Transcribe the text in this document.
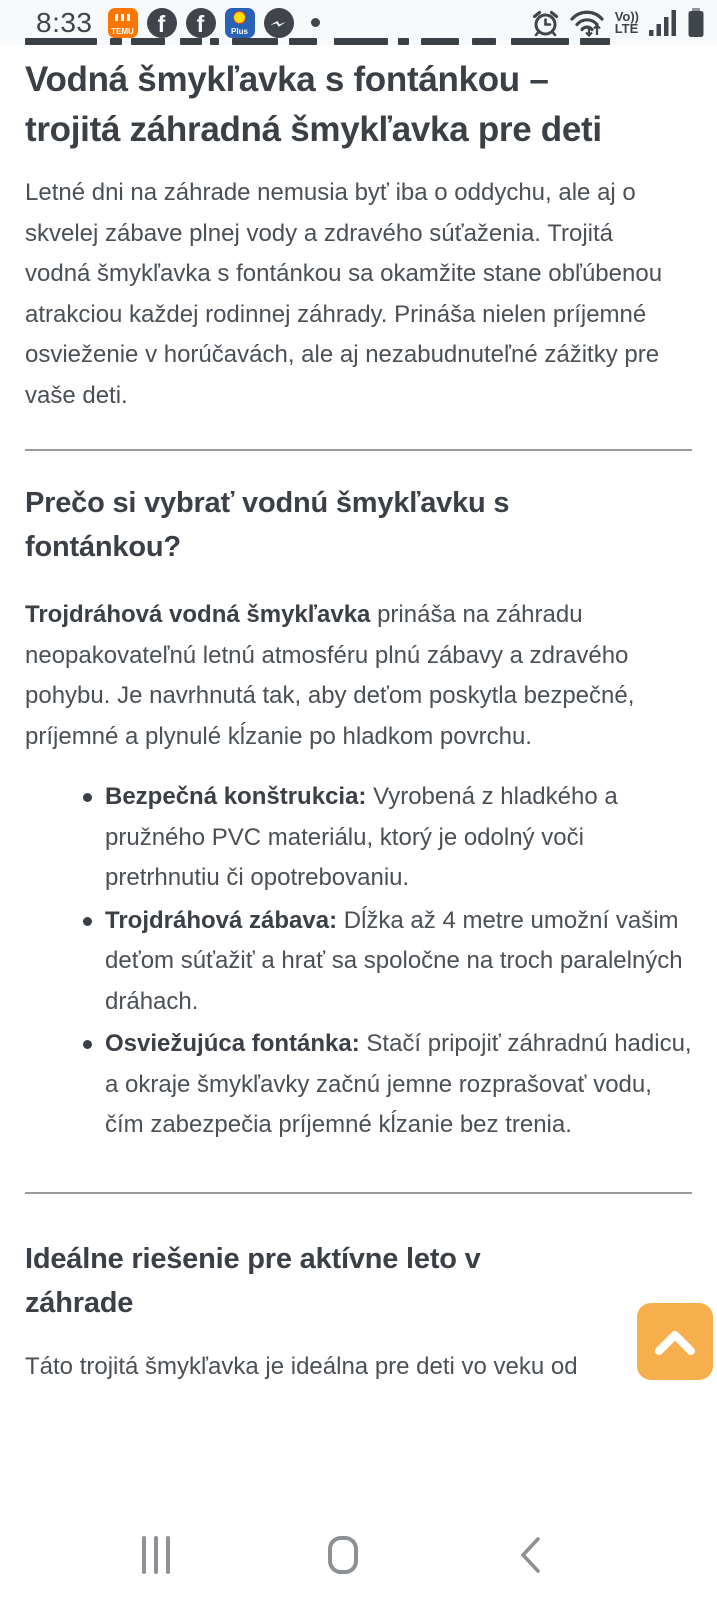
8:33	TEMU	f	f	Plus
Vo))
LTE
Vodná šmykľavka s fontánkou – trojitá záhradná šmykľavka pre deti

Letné dni na záhrade nemusia byť iba o oddychu, ale aj o skvelej zábave plnej vody a zdravého súťaženia. Trojitá vodná šmykľavka s fontánkou sa okamžite stane obľúbenou atrakciou každej rodinnej záhrady. Prináša nielen príjemné osvieženie v horúčavách, ale aj nezabudnuteľné zážitky pre vaše deti.

Prečo si vybrať vodnú šmykľavku s fontánkou?

Trojdráhová vodná šmykľavka prináša na záhradu neopakovateľnú letnú atmosféru plnú zábavy a zdravého pohybu. Je navrhnutá tak, aby deťom poskytla bezpečné, príjemné a plynulé kĺzanie po hladkom povrchu.

Bezpečná konštrukcia: Vyrobená z hladkého a pružného PVC materiálu, ktorý je odolný voči pretrhnutiu či opotrebovaniu.
Trojdráhová zábava: Dĺžka až 4 metre umožní vašim deťom súťažiť a hrať sa spoločne na troch paralelných dráhach.
Osviežujúca fontánka: Stačí pripojiť záhradnú hadicu, a okraje šmykľavky začnú jemne rozprašovať vodu, čím zabezpečia príjemné kĺzanie bez trenia.
Ideálne riešenie pre aktívne leto v záhrade

Táto trojitá šmykľavka je ideálna pre deti vo veku od
